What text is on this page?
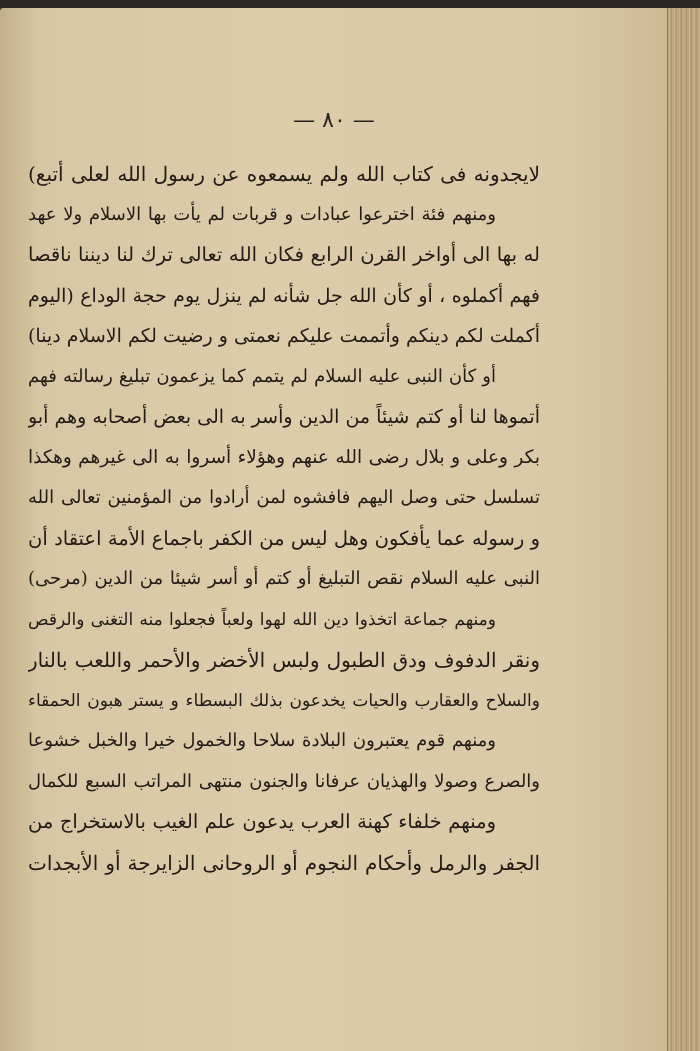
— ٨٠ —
لايجدونه فى كتاب الله ولم يسمعوه عن رسول الله لعلى أتبع)
ومنهم فئة اخترعوا عبادات و قربات لم يأت بها الاسلام ولا عهد
له بها الى أواخر القرن الرابع فكان الله تعالى ترك لنا ديننا ناقصا
فهم أكملوه ، أو كأن الله جل شأنه لم ينزل يوم حجة الوداع (اليوم
أكملت لكم دينكم وأتممت عليكم نعمتى و رضيت لكم الاسلام دينا)
أو كأن النبى عليه السلام لم يتمم كما يزعمون تبليغ رسالته فهم
أتموها لنا أو كتم شيئاً من الدين وأسر به الى بعض أصحابه وهم أبو
بكر وعلى و بلال رضى الله عنهم وهؤلاء أسروا به الى غيرهم وهكذا
تسلسل حتى وصل اليهم فافشوه لمن أرادوا من المؤمنين تعالى الله
و رسوله عما يأفكون وهل ليس من الكفر باجماع الأمة اعتقاد أن
النبى عليه السلام نقص التبليغ أو كتم أو أسر شيئا من الدين (مرحى)
ومنهم جماعة اتخذوا دين الله لهوا ولعباً فجعلوا منه التغنى والرقص
ونقر الدفوف ودق الطبول ولبس الأخضر والأحمر واللعب بالنار
والسلاح والعقارب والحيات يخدعون بذلك البسطاء و يستر هبون الحمقاء
ومنهم قوم يعتبرون البلادة سلاحا والخمول خيرا والخبل خشوعا
والصرع وصولا والهذيان عرفانا والجنون منتهى المراتب السبع للكمال
ومنهم خلفاء كهنة العرب يدعون علم الغيب بالاستخراج من
الجفر والرمل وأحكام النجوم أو الروحانى الزايرجة أو الأبجدات
